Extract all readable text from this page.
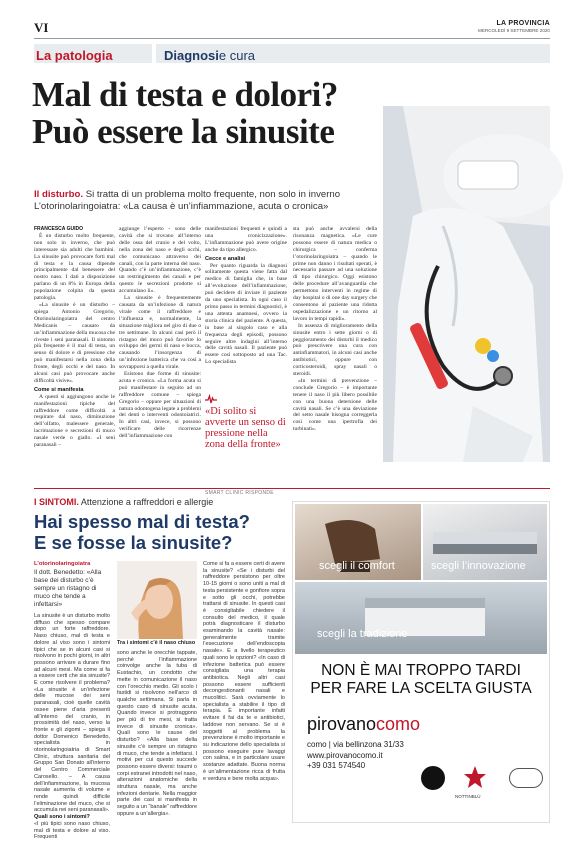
VI	LA PROVINCIA
MERCOLEDÌ 9 SETTEMBRE 2020
La patologia	Diagnosie cura
Mal di testa e dolori?
Può essere la sinusite
Il disturbo. Si tratta di un problema molto frequente, non solo in inverno
L’otorinolaringoiatra: «La causa è un’infiammazione, acuta o cronica»

FRANCESCA GUIDO

È un disturbo molto frequente, non solo in inverno, che può interessare sia adulti che bambini. La sinusite può provocare forti mal di testa e la causa dipende principalmente dal benessere del nostro naso. I dati a disposizione parlano di un 8% in Europa della popolazione colpita da questa patologia.

«La sinusite è un disturbo – spiega Antonio Gregorio, Otorinolaringoiatra del centro Medicanis – causato da un’infiammazione della mucosa che riveste i seni paranasali. Il sintomo più frequente è il mal di testa, un senso di dolore e di pressione che può manifestarsi nella zona della fronte, degli occhi e del naso. In alcuni casi può provocare anche difficoltà visive».

Come si manifesta

A questi si aggiungono anche le manifestazioni tipiche del raffreddore come difficoltà a respirare dal naso, diminuzione dell’olfatto, malessere generale, lacrimazione e secrezioni di muco nasale verde o giallo. «I seni paranasali –

aggiunge l’esperto - sono delle cavità che si trovano all’interno delle ossa del cranio e del volto, nella zona del naso e degli occhi, che comunicano attraverso dei canali, con la parte interna del naso. Quando c’è un’infiammazione, c’è un restringimento dei canali e per questo le secrezioni prodotte si accumulano lì».

La sinusite è frequentemente causata da un’infezione di natura virale come il raffreddore e l’influenza e, normalmente, la situazione migliora nel giro di due o tre settimane. In alcuni casi però il ristagno del muco può favorire lo sviluppo dei germi di naso e bocca, causando l’insorgenza di un’infezione batterica che va così a sovrapporsi a quella virale.

Esistono due forme di sinusite: acuta e cronica. «La forma acuta si può manifestare in seguito ad un raffreddore comune – spiega Gregorio – oppure per situazioni di natura odontogena legate a problemi dei denti o interventi odontoiatrici. In altri casi, invece, si possono verificare delle ricorrenze dell’infiammazione con

manifestazioni frequenti e quindi a una cronicizzazione». L’infiammazione può avere origine anche da tipo allergico.

Cecce e analisi

Per quanto riguarda la diagnosi solitamente questa viene fatta dal medico di famiglia che, in base all’evoluzione dell’infiammazione, può decidere di inviare il paziente da uno specialista. In ogni caso il primo passo in termini diagnostici, è una attenta anamnesi, ovvero la storia clinica del paziente. A questa, in base al singolo caso e alla frequenza degli episodi, possono seguire altre indagini all’interno delle cavità nasali. Il paziente può essere così sottoposto ad una Tac. Lo specialista

«Di solito si avverte un senso di pressione nella zona della fronte»

sta può anche avvalersi della risonanza magnetica. «Le cure possono essere di natura medica o chirurgica – conferma l’otorinolaringoiatra – quando le prime non danno i risultati sperati, è necessario passare ad una soluzione di tipo chirurgico. Oggi esistono delle procedure all’avanguardia che permettono interventi in regime di day hospital o di one day surgery che consentono al paziente una ridotta ospedalizzazione e un ritorno al lavoro in tempi rapidi».

In assenza di miglioramento della sinusite entro i sette giorni o di peggioramento dei disturbi il medico può prescrivere una cura con antinfiammatori, in alcuni casi anche antibiotici, oppure con corticosteroidi, spray nasali o steroidi.

«In termini di prevenzione – conclude Gregorio – è importante tenere il naso il più libero possibile con una buona detersione delle cavità nasali. Se c’è una deviazione del setto nasale bisogna correggerla così come una ipertrofia dei turbinati».

SMART CLINIC RISPONDE
I SINTOMI. Attenzione a raffreddori e allergie
Hai spesso mal di testa?
E se fosse la sinusite?
L’otorinolaringoiatra
Il dott. Benedetto: «Alla base dei disturbo c’è sempre un ristagno di muco che tende a infettarsi»
La sinusite è un disturbo molto diffuso che spesso compare dopo un forte raffreddore. Naso chiuso, mal di testa e dolore al viso sono i sintomi tipici che se in alcuni casi si risolvono in pochi giorni, in altri possono arrivare a durare fino ad alcuni mesi. Ma come si fa a essere certi che sia sinusite? E come risolvere il problema? «La sinusite è un’infezione delle mucose dei seni paranasali, cioè quelle cavità ossee piene d’aria presenti all’interno del cranio, in prossimità del naso, verso la fronte e gli zigomi – spiega il dottor Domenico Benedetto, specialista in otorinolaringoiatria di Smart Clinic, struttura sanitaria del Gruppo San Donato all’interno del Centro Commerciale Carosello. – A causa dell’infiammazione, la mucosa nasale aumenta di volume e rende quindi difficile l’eliminazione del muco, che si accumula nei seni paranasali».
Quali sono i sintomi?
«I più tipici sono naso chiuso, mal di testa e dolore al viso. Frequenti
Tra i sintomi c’è il naso chiuso
sono anche le orecchie tappate, perché l’infiammazione coinvolge anche la tuba di Eustachio, un condotto che mette in comunicazione il naso con l’orecchio medio. Gli scolo i fastidi si risolvono nell’arco di qualche settimana. Si parla in questo caso di sinusite acuta. Quando invece si protraggono per più di tre mesi, si tratta invece di sinusite cronica». Quali sono le cause del disturbo? «Alla base della sinusite c’è sempre un ristagno di muco, che tende a infettarsi. I motivi per cui questo succede possono essere diversi: traumi o corpi estranei introdotti nel naso, alterazioni anatomiche della struttura nasale, ma anche infezioni dentarie. Nella maggior parte dei casi si manifesta in seguito a un “banale” raffreddore oppure a un’allergia».
Come si fa a essere certi di avere la sinusite? «Se i disturbi del raffreddore persistono per oltre 10-15 giorni o sono uniti a mal di testa persistente e gonfiore sopra e sotto gli occhi, potrebbe trattarsi di sinusite. In questi casi è consigliabile chiedere il consulto del medico, il quale potrà diagnosticare il disturbo esaminando la cavità nasale: generalmente tramite l’esecuzione dell’endoscopia nasale». E a livello terapeutico quali sono le opzioni? «In caso di infezione batterica può essere consigliata una terapia antibiotica. Negli altri casi possono essere sufficienti decongestionanti nasali e mucolitici. Sarà ovviamente lo specialista a stabilire il tipo di terapia. È importante infatti evitare il fai da te e antibiotici, laddove non servano. Se si è soggetti al problema la prevenzione è molto importante e su indicazione dello specialista si possono eseguire pure lavaggi con salina, e in particolare usare sostanze adattate. Buona norma è un’alimentazione ricca di frutta e verdura e bere molta acqua».
scegli il comfort	scegli l’innovazione
scegli la tradizione
NON È MAI TROPPO TARDI
PER FARE LA SCELTA GIUSTA
pirovanocomo
como | via bellinzona 31/33
www.pirovanocomo.it
+39 031 574540
NOTTINBLÙ
